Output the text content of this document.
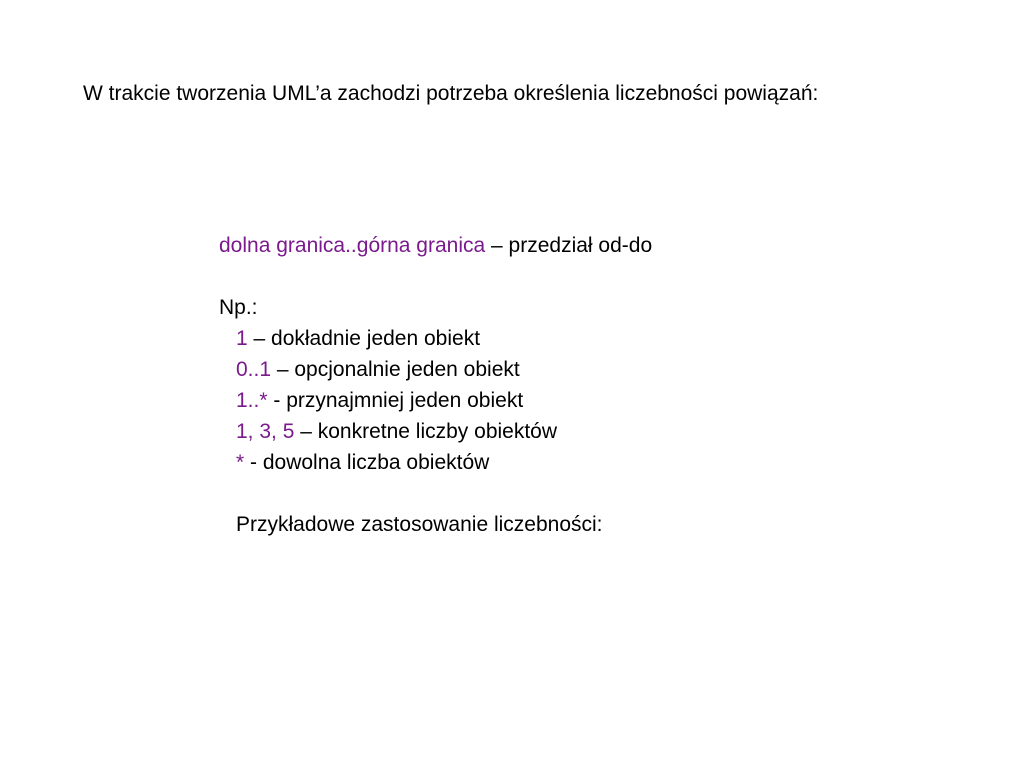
W trakcie tworzenia UML’a zachodzi potrzeba określenia liczebności powiązań:
dolna granica..górna granica – przedział od-do
Np.:
1 – dokładnie jeden obiekt
0..1 – opcjonalnie jeden obiekt
1..* - przynajmniej jeden obiekt
1, 3, 5 – konkretne liczby obiektów
* - dowolna liczba obiektów
Przykładowe zastosowanie liczebności:
